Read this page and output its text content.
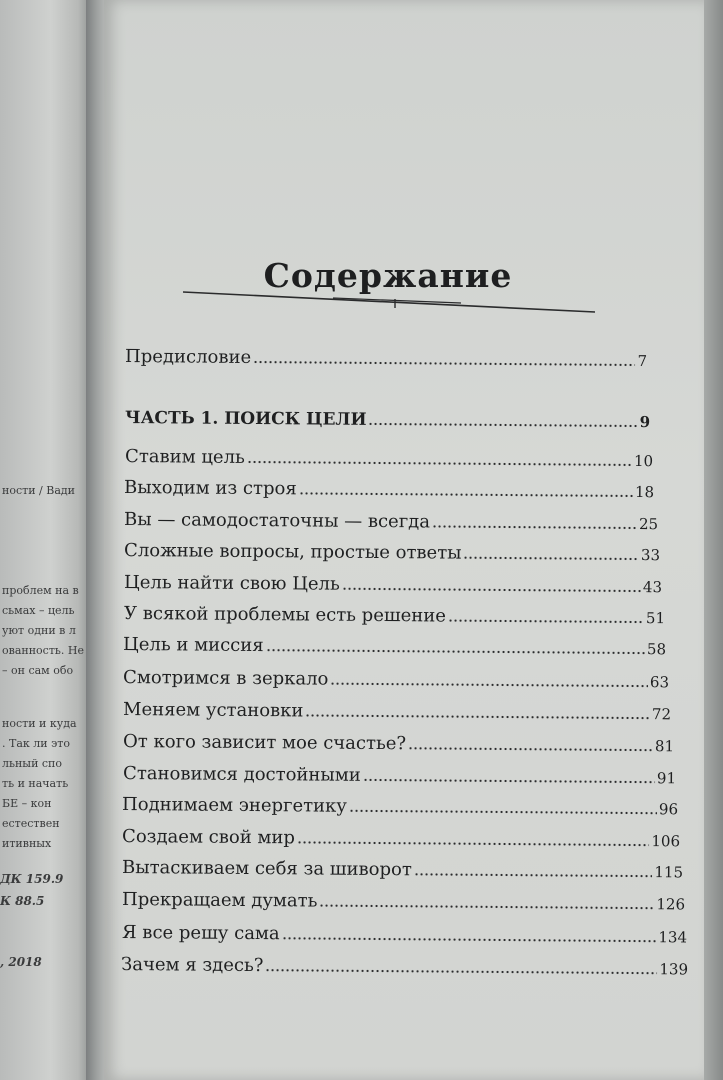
ности / Вади

проблем на в

сьмах – цель

уют одни в л

ованность. Не

– он сам обо

ности и куда

. Так ли это

льный спо

ть и начать

БЕ – кон

естествен

итивных

ДК 159.9

К 88.5

, 2018

Содержание
Предисловие	7
ЧАСТЬ 1. ПОИСК ЦЕЛИ	9
Ставим цель	10
Выходим из строя	18
Вы — самодостаточны — всегда	25
Сложные вопросы, простые ответы	33
Цель найти свою Цель	43
У всякой проблемы есть решение	51
Цель и миссия	58
Смотримся в зеркало	63
Меняем установки	72
От кого зависит мое счастье?	81
Становимся достойными	91
Поднимаем энергетику	96
Создаем свой мир	106
Вытаскиваем себя за шиворот	115
Прекращаем думать	126
Я все решу сама	134
Зачем я здесь?	139
